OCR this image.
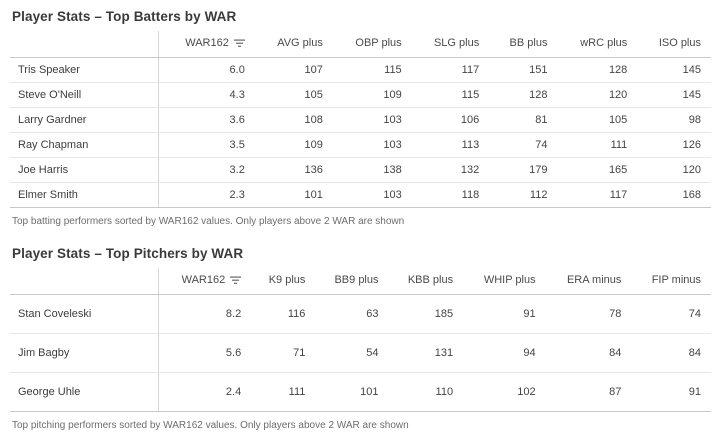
Player Stats – Top Batters by WAR
	WAR162	AVG plus	OBP plus	SLG plus	BB plus	wRC plus	ISO plus
Tris Speaker	6.0	107	115	117	151	128	145
Steve O'Neill	4.3	105	109	115	128	120	145
Larry Gardner	3.6	108	103	106	81	105	98
Ray Chapman	3.5	109	103	113	74	111	126
Joe Harris	3.2	136	138	132	179	165	120
Elmer Smith	2.3	101	103	118	112	117	168
Top batting performers sorted by WAR162 values. Only players above 2 WAR are shown
Player Stats – Top Pitchers by WAR
	WAR162	K9 plus	BB9 plus	KBB plus	WHIP plus	ERA minus	FIP minus
Stan Coveleski	8.2	116	63	185	91	78	74
Jim Bagby	5.6	71	54	131	94	84	84
George Uhle	2.4	111	101	110	102	87	91
Top pitching performers sorted by WAR162 values. Only players above 2 WAR are shown
